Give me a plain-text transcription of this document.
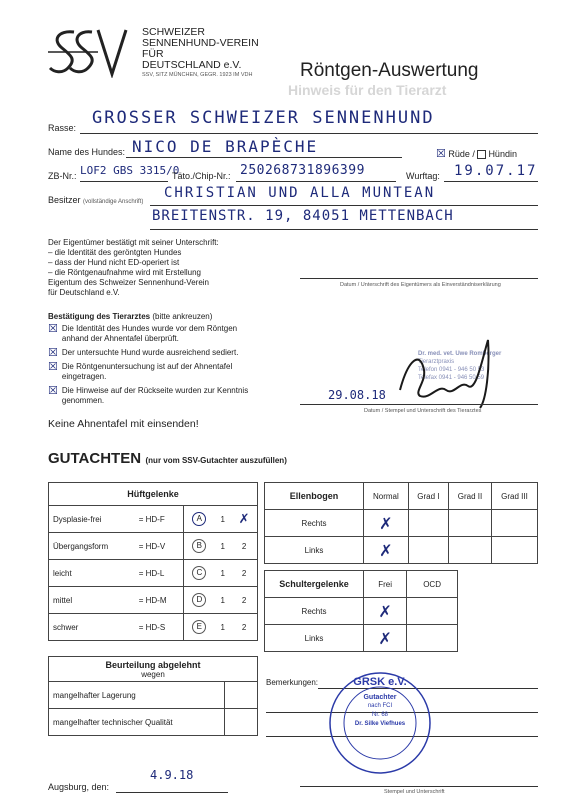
SCHWEIZER
SENNENHUND-VEREIN
FÜR
DEUTSCHLAND e.V.
SSV, SITZ MÜNCHEN, GEGR. 1923 IM VDH
Hinweis für den Tierarzt
Röntgen-Auswertung
Rasse: GROSSER SCHWEIZER SENNENHUND
Name des Hundes: NICO DE BRAPÈCHE	☒ Rüde / Hündin
ZB-Nr.: LOF2 GBS 3315/0
Täto./Chip-Nr.: 250268731896399	Wurftag: 19.07.17
CHRISTIAN UND ALLA MUNTEAN
Besitzer (vollständige Anschrift)
BREITENSTR. 19, 84051 METTENBACH
Der Eigentümer bestätigt mit seiner Unterschrift:
– die Identität des geröntgten Hundes
– dass der Hund nicht ED-operiert ist
– die Röntgenaufnahme wird mit Erstellung
Eigentum des Schweizer Sennenhund-Verein
für Deutschland e.V.
Datum / Unterschrift des Eigentümers als Einverständniserklärung
Bestätigung des Tierarztes (bitte ankreuzen)
☒ Die Identität des Hundes wurde vor dem Röntgen anhand der Ahnentafel überprüft.
☒ Der untersuchte Hund wurde ausreichend sediert.
☒ Die Röntgenuntersuchung ist auf der Ahnentafel eingetragen.
☒ Die Hinweise auf der Rückseite wurden zur Kenntnis genommen.
Dr. med. vet. Uwe Romberger
Tierarztpraxis
Telefon 0941 - 946 50 53
Telefax 0941 - 946 50 59
29.08.18
Datum / Stempel und Unterschrift des Tierarztes
Keine Ahnentafel mit einsenden!
GUTACHTEN (nur vom SSV-Gutachter auszufüllen)
Hüftgelenke				
Dysplasie-frei	= HD-F	A	1	✗
Übergangsform	= HD-V	B	1	2
leicht	= HD-L	C	1	2
mittel	= HD-M	D	1	2
schwer	= HD-S	E	1	2
Ellenbogen	Normal	Grad I	Grad II	Grad III
Rechts	✗			
Links	✗			
Schultergelenke	Frei	OCD
Rechts	✗	
Links	✗	
Beurteilung abgelehnt
wegen	

mangelhafter Lagerung	
mangelhafter technischer Qualität	
Bemerkungen:	GRSK e.V.
Gutachter
nach FCI
Nr. 68
Dr. Silke Viefhues
Augsburg, den:
4.9.18
Stempel und Unterschrift
